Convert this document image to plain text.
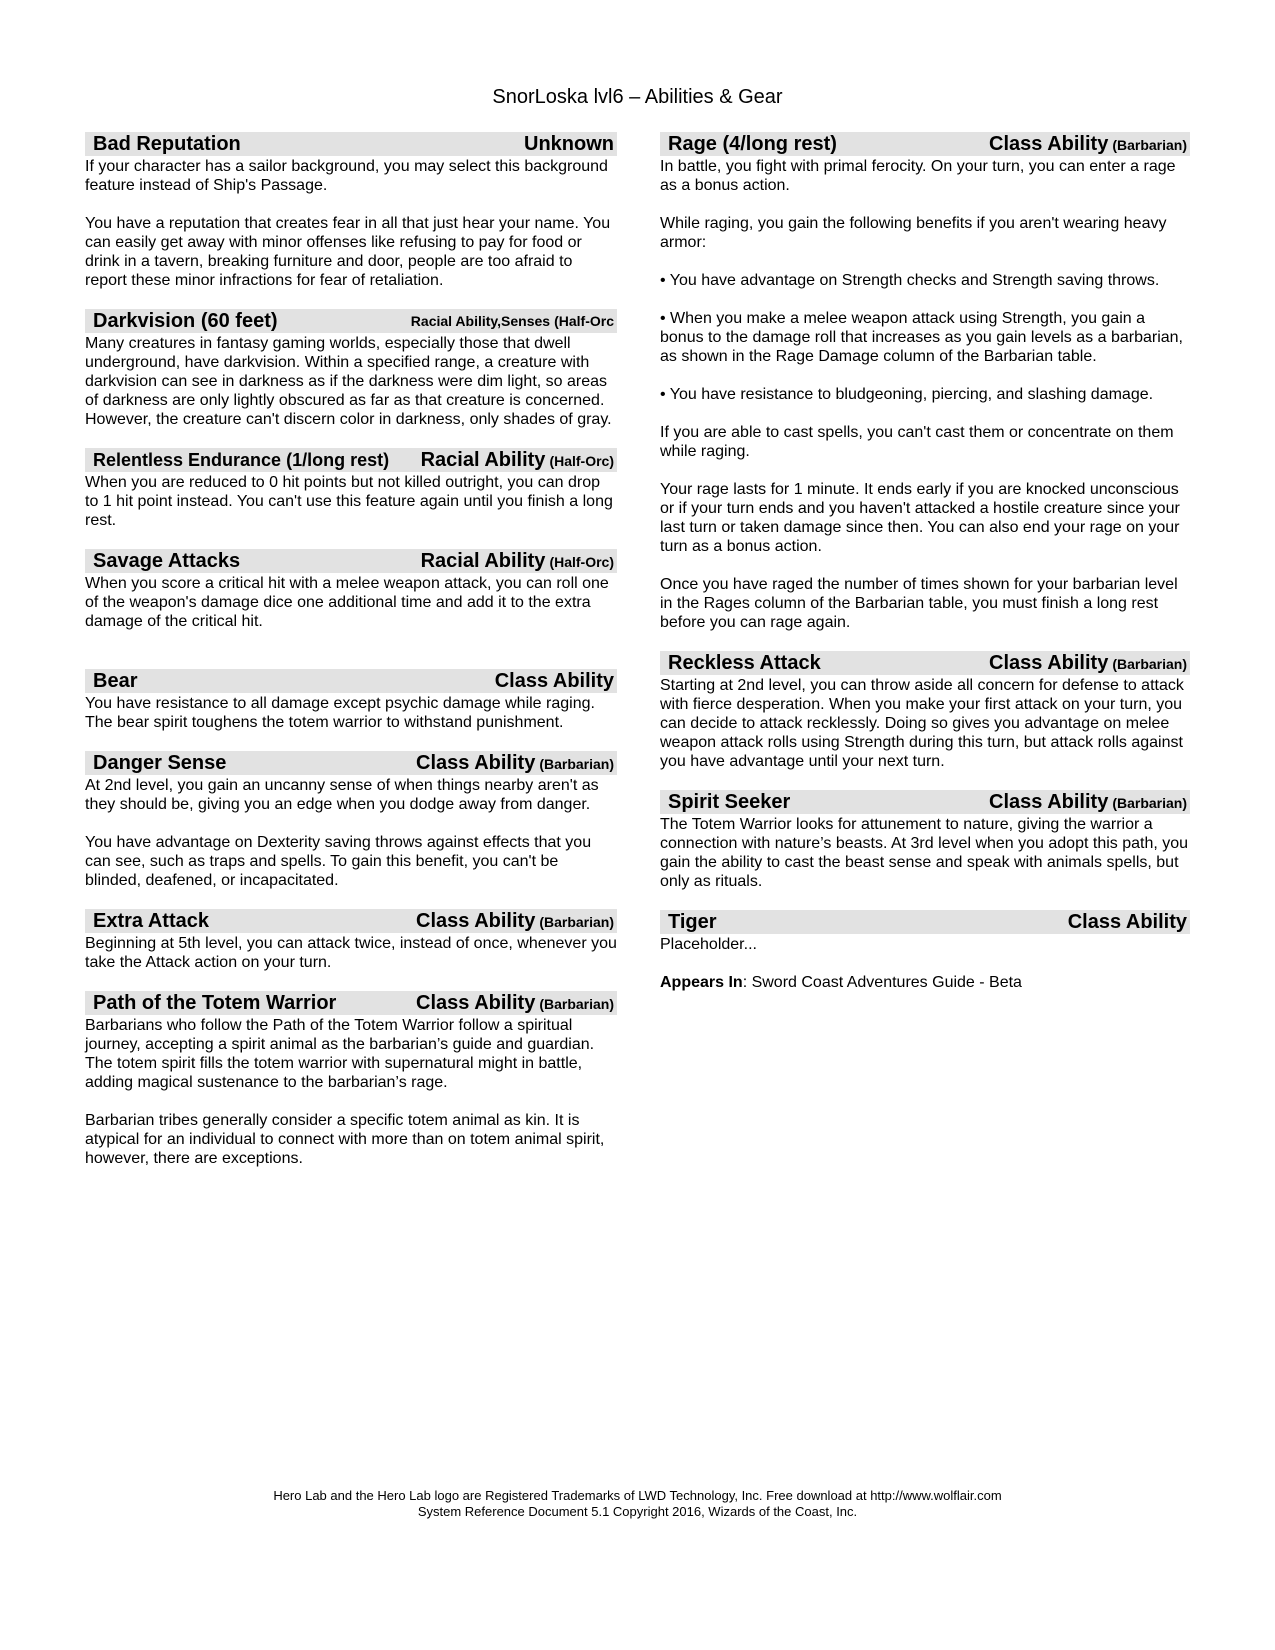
SnorLoska lvl6 – Abilities & Gear
Bad Reputation	Unknown

If your character has a sailor background, you may select this background feature instead of Ship's Passage.

You have a reputation that creates fear in all that just hear your name. You can easily get away with minor offenses like refusing to pay for food or drink in a tavern, breaking furniture and door, people are too afraid to report these minor infractions for fear of retaliation.

Darkvision (60 feet)	Racial Ability,Senses (Half-Orc

Many creatures in fantasy gaming worlds, especially those that dwell underground, have darkvision. Within a specified range, a creature with darkvision can see in darkness as if the darkness were dim light, so areas of darkness are only lightly obscured as far as that creature is concerned. However, the creature can't discern color in darkness, only shades of gray.

Relentless Endurance (1/long rest) Racial Ability (Half-Orc)

When you are reduced to 0 hit points but not killed outright, you can drop to 1 hit point instead. You can't use this feature again until you finish a long rest.

Savage Attacks	Racial Ability (Half-Orc)

When you score a critical hit with a melee weapon attack, you can roll one of the weapon's damage dice one additional time and add it to the extra damage of the critical hit.

Bear	Class Ability

You have resistance to all damage except psychic damage while raging. The bear spirit toughens the totem warrior to withstand punishment.

Danger Sense	Class Ability (Barbarian)

At 2nd level, you gain an uncanny sense of when things nearby aren't as they should be, giving you an edge when you dodge away from danger.

You have advantage on Dexterity saving throws against effects that you can see, such as traps and spells. To gain this benefit, you can't be blinded, deafened, or incapacitated.

Extra Attack	Class Ability (Barbarian)

Beginning at 5th level, you can attack twice, instead of once, whenever you take the Attack action on your turn.

Path of the Totem Warrior	Class Ability (Barbarian)

Barbarians who follow the Path of the Totem Warrior follow a spiritual journey, accepting a spirit animal as the barbarian’s guide and guardian. The totem spirit fills the totem warrior with supernatural might in battle, adding magical sustenance to the barbarian’s rage.

Barbarian tribes generally consider a specific totem animal as kin. It is atypical for an individual to connect with more than on totem animal spirit, however, there are exceptions.

Rage (4/long rest)	Class Ability (Barbarian)

In battle, you fight with primal ferocity. On your turn, you can enter a rage as a bonus action.

While raging, you gain the following benefits if you aren't wearing heavy armor:

• You have advantage on Strength checks and Strength saving throws.

• When you make a melee weapon attack using Strength, you gain a bonus to the damage roll that increases as you gain levels as a barbarian, as shown in the Rage Damage column of the Barbarian table.

• You have resistance to bludgeoning, piercing, and slashing damage.

If you are able to cast spells, you can't cast them or concentrate on them while raging.

Your rage lasts for 1 minute. It ends early if you are knocked unconscious or if your turn ends and you haven't attacked a hostile creature since your last turn or taken damage since then. You can also end your rage on your turn as a bonus action.

Once you have raged the number of times shown for your barbarian level in the Rages column of the Barbarian table, you must finish a long rest before you can rage again.

Reckless Attack	Class Ability (Barbarian)

Starting at 2nd level, you can throw aside all concern for defense to attack with fierce desperation. When you make your first attack on your turn, you can decide to attack recklessly. Doing so gives you advantage on melee weapon attack rolls using Strength during this turn, but attack rolls against you have advantage until your next turn.

Spirit Seeker	Class Ability (Barbarian)

The Totem Warrior looks for attunement to nature, giving the warrior a connection with nature’s beasts. At 3rd level when you adopt this path, you gain the ability to cast the beast sense and speak with animals spells, but only as rituals.

Tiger	Class Ability

Placeholder...

Appears In: Sword Coast Adventures Guide - Beta

Hero Lab and the Hero Lab logo are Registered Trademarks of LWD Technology, Inc. Free download at http://www.wolflair.com
System Reference Document 5.1 Copyright 2016, Wizards of the Coast, Inc.
